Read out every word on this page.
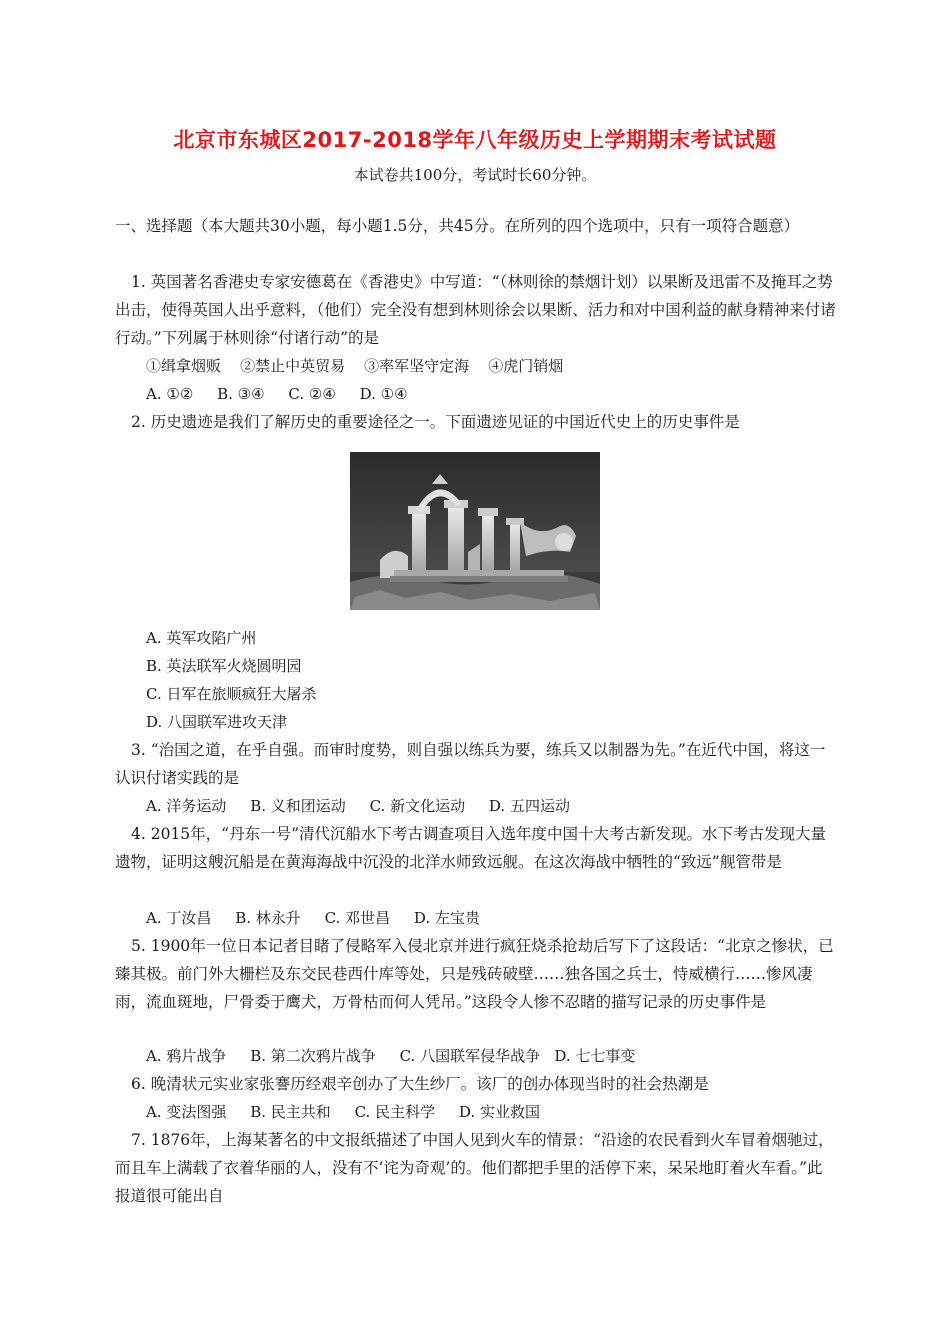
北京市东城区2017-2018学年八年级历史上学期期末考试试题
本试卷共100分，考试时长60分钟。
一、选择题（本大题共30小题，每小题1.5分，共45分。在所列的四个选项中，只有一项符合题意）
1. 英国著名香港史专家安德葛在《香港史》中写道：“（林则徐的禁烟计划）以果断及迅雷不及掩耳之势出击，使得英国人出乎意料，（他们）完全没有想到林则徐会以果断、活力和对中国利益的献身精神来付诸行动。”下列属于林则徐“付诸行动”的是
①缉拿烟贩    ②禁止中英贸易    ③率军坚守定海    ④虎门销烟
A. ①②     B. ③④     C. ②④     D. ①④
2. 历史遗迹是我们了解历史的重要途径之一。下面遗迹见证的中国近代史上的历史事件是
A. 英军攻陷广州
B. 英法联军火烧圆明园
C. 日军在旅顺疯狂大屠杀
D. 八国联军进攻天津
3. “治国之道，在乎自强。而审时度势，则自强以练兵为要，练兵又以制器为先。”在近代中国，将这一认识付诸实践的是
A. 洋务运动     B. 义和团运动     C. 新文化运动     D. 五四运动
4. 2015年，“丹东一号”清代沉船水下考古调查项目入选年度中国十大考古新发现。水下考古发现大量遗物，证明这艘沉船是在黄海海战中沉没的北洋水师致远舰。在这次海战中牺牲的“致远”舰管带是
A. 丁汝昌     B. 林永升     C. 邓世昌     D. 左宝贵
5. 1900年一位日本记者目睹了侵略军入侵北京并进行疯狂烧杀抢劫后写下了这段话：“北京之惨状，已臻其极。前门外大栅栏及东交民巷西什库等处，只是残砖破壁……独各国之兵士，恃威横行……惨风凄雨，流血斑地，尸骨委于鹰犬，万骨枯而何人凭吊。”这段令人惨不忍睹的描写记录的历史事件是
A. 鸦片战争     B. 第二次鸦片战争     C. 八国联军侵华战争   D. 七七事变
6. 晚清状元实业家张謇历经艰辛创办了大生纱厂。该厂的创办体现当时的社会热潮是
A. 变法图强     B. 民主共和     C. 民主科学     D. 实业救国
7. 1876年，上海某著名的中文报纸描述了中国人见到火车的情景：“沿途的农民看到火车冒着烟驰过，而且车上满载了衣着华丽的人，没有不‘诧为奇观’的。他们都把手里的活停下来，呆呆地盯着火车看。”此报道很可能出自
